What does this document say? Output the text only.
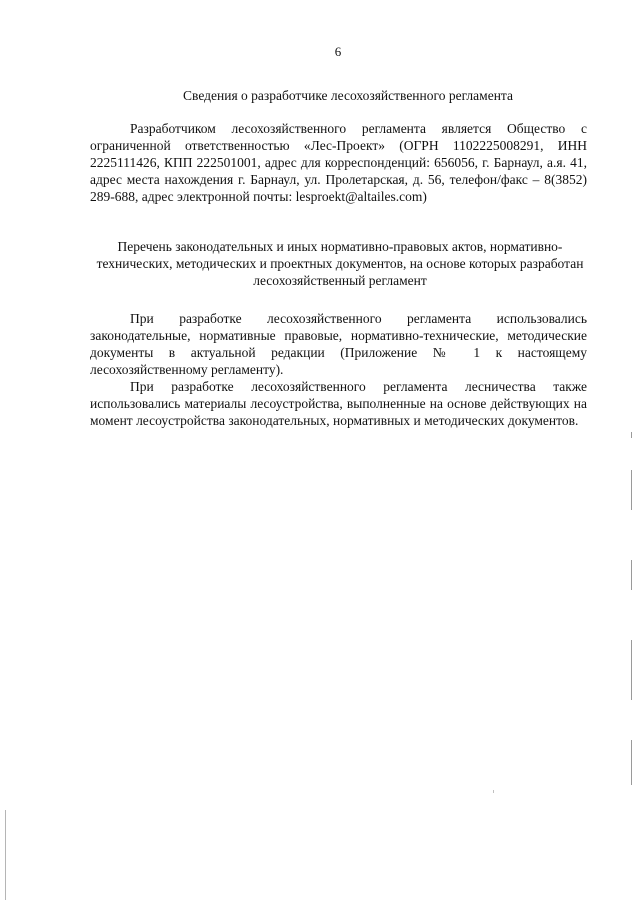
6
Сведения о разработчике лесохозяйственного регламента

Разработчиком лесохозяйственного регламента является Общество с ограниченной ответственностью «Лес-Проект» (ОГРН 1102225008291, ИНН 2225111426, КПП 222501001, адрес для корреспонденций: 656056, г. Барнаул, а.я. 41, адрес места нахождения г. Барнаул, ул. Пролетарская, д. 56, телефон/факс – 8(3852) 289-688, адрес электронной почты: lesproekt@altailes.com)

Перечень законодательных и иных нормативно-правовых актов, нормативно-технических, методических и проектных документов, на основе которых разработан лесохозяйственный регламент

При разработке лесохозяйственного регламента использовались законодательные, нормативные правовые, нормативно-технические, методические документы в актуальной редакции (Приложение № 1 к настоящему лесохозяйственному регламенту).

При разработке лесохозяйственного регламента лесничества также использовались материалы лесоустройства, выполненные на основе действующих на момент лесоустройства законодательных, нормативных и методических документов.
